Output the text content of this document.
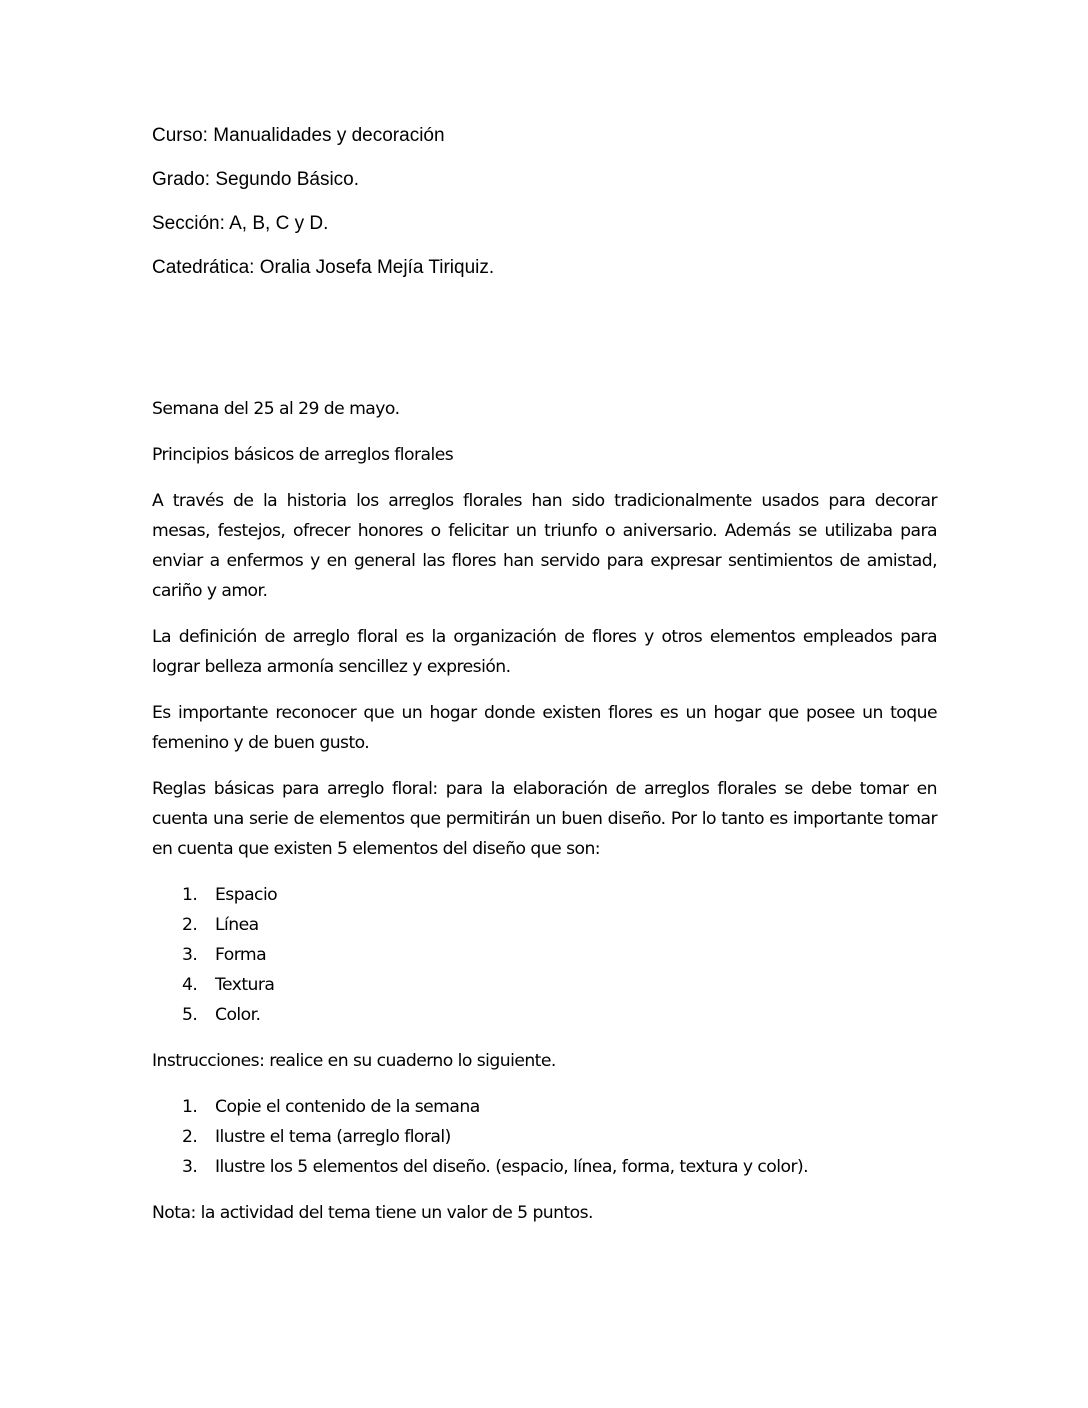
Curso: Manualidades y decoración
Grado: Segundo Básico.
Sección: A, B, C y D.
Catedrática: Oralia Josefa Mejía Tiriquiz.

Semana del 25 al 29 de mayo.

Principios básicos de arreglos florales

A través de la historia los arreglos florales han sido tradicionalmente usados para decorar mesas, festejos, ofrecer honores o felicitar un triunfo o aniversario. Además se utilizaba para enviar a enfermos y en general las flores han servido para expresar sentimientos de amistad, cariño y amor.

La definición de arreglo floral es la organización de flores y otros elementos empleados para lograr belleza armonía sencillez y expresión.

Es importante reconocer que un hogar donde existen flores es un hogar que posee un toque femenino y de buen gusto.

Reglas básicas para arreglo floral: para la elaboración de arreglos florales se debe tomar en cuenta una serie de elementos que permitirán un buen diseño. Por lo tanto es importante tomar en cuenta que existen 5 elementos del diseño que son:

1. Espacio
2. Línea
3. Forma
4. Textura
5. Color.

Instrucciones: realice en su cuaderno lo siguiente.

1. Copie el contenido de la semana
2. Ilustre el tema (arreglo floral)
3. Ilustre los 5 elementos del diseño. (espacio, línea, forma, textura y color).

Nota: la actividad del tema tiene un valor de 5 puntos.
